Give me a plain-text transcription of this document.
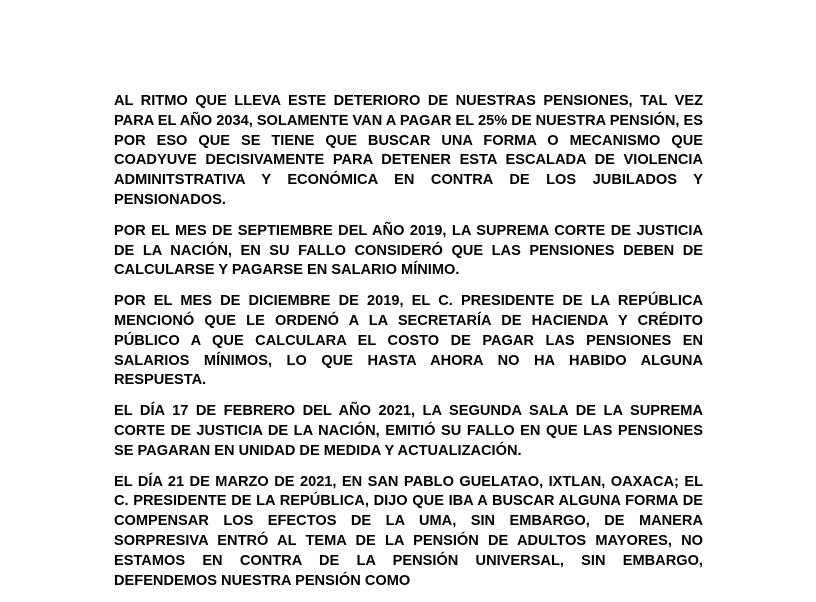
AL RITMO QUE LLEVA ESTE DETERIORO DE NUESTRAS PENSIONES, TAL VEZ PARA EL AÑO 2034, SOLAMENTE VAN A PAGAR EL 25% DE NUESTRA PENSIÓN, ES POR ESO QUE SE TIENE QUE BUSCAR UNA FORMA O MECANISMO QUE COADYUVE DECISIVAMENTE PARA DETENER ESTA ESCALADA DE VIOLENCIA ADMINITSTRATIVA Y ECONÓMICA EN CONTRA DE LOS JUBILADOS Y PENSIONADOS.

POR EL MES DE SEPTIEMBRE DEL AÑO 2019, LA SUPREMA CORTE DE JUSTICIA DE LA NACIÓN, EN SU FALLO CONSIDERÓ QUE LAS PENSIONES DEBEN DE CALCULARSE Y PAGARSE EN SALARIO MÍNIMO.

POR EL MES DE DICIEMBRE DE 2019, EL C. PRESIDENTE DE LA REPÚBLICA MENCIONÓ QUE LE ORDENÓ A LA SECRETARÍA DE HACIENDA Y CRÉDITO PÚBLICO A QUE CALCULARA EL COSTO DE PAGAR LAS PENSIONES EN SALARIOS MÍNIMOS, LO QUE HASTA AHORA NO HA HABIDO ALGUNA RESPUESTA.

EL DÍA 17 DE FEBRERO DEL AÑO 2021, LA SEGUNDA SALA DE LA SUPREMA CORTE DE JUSTICIA DE LA NACIÓN, EMITIÓ SU FALLO EN QUE LAS PENSIONES SE PAGARAN EN UNIDAD DE MEDIDA Y ACTUALIZACIÓN.

EL DÍA 21 DE MARZO DE 2021, EN SAN PABLO GUELATAO, IXTLAN, OAXACA; EL C. PRESIDENTE DE LA REPÚBLICA, DIJO QUE IBA A BUSCAR ALGUNA FORMA DE COMPENSAR LOS EFECTOS DE LA UMA, SIN EMBARGO, DE MANERA SORPRESIVA ENTRÓ AL TEMA DE LA PENSIÓN DE ADULTOS MAYORES, NO ESTAMOS EN CONTRA DE LA PENSIÓN UNIVERSAL, SIN EMBARGO, DEFENDEMOS NUESTRA PENSIÓN COMO
